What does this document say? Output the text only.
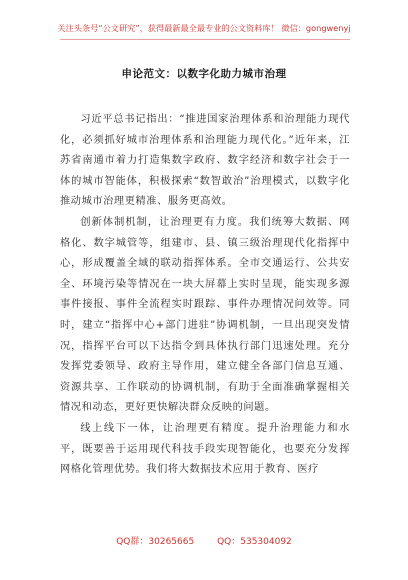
关注头条号“公文研究”，获得最新最全最专业的公文资料库！ 微信：gongwenyj
申论范文：以数字化助力城市治理

习近平总书记指出：“推进国家治理体系和治理能力现代化，必须抓好城市治理体系和治理能力现代化。”近年来，江苏省南通市着力打造集数字政府、数字经济和数字社会于一体的城市智能体，积极探索“数智敢治”治理模式，以数字化推动城市治理更精准、服务更高效。

创新体制机制，让治理更有力度。我们统筹大数据、网格化、数字城管等，组建市、县、镇三级治理现代化指挥中心，形成覆盖全域的联动指挥体系。全市交通运行、公共安全、环境污染等情况在一块大屏幕上实时呈现，能实现多源事件接报、事件全流程实时跟踪、事件办理情况问效等。同时，建立“指挥中心+部门进驻”协调机制，一旦出现突发情况，指挥平台可以下达指令到具体执行部门迅速处理。充分发挥党委领导、政府主导作用，建立健全各部门信息互通、资源共享、工作联动的协调机制，有助于全面准确掌握相关情况和动态，更好更快解决群众反映的问题。

线上线下一体，让治理更有精度。提升治理能力和水平，既要善于运用现代科技手段实现智能化，也要充分发挥网格化管理优势。我们将大数据技术应用于教育、医疗

QQ群：30265665	QQ：535304092
